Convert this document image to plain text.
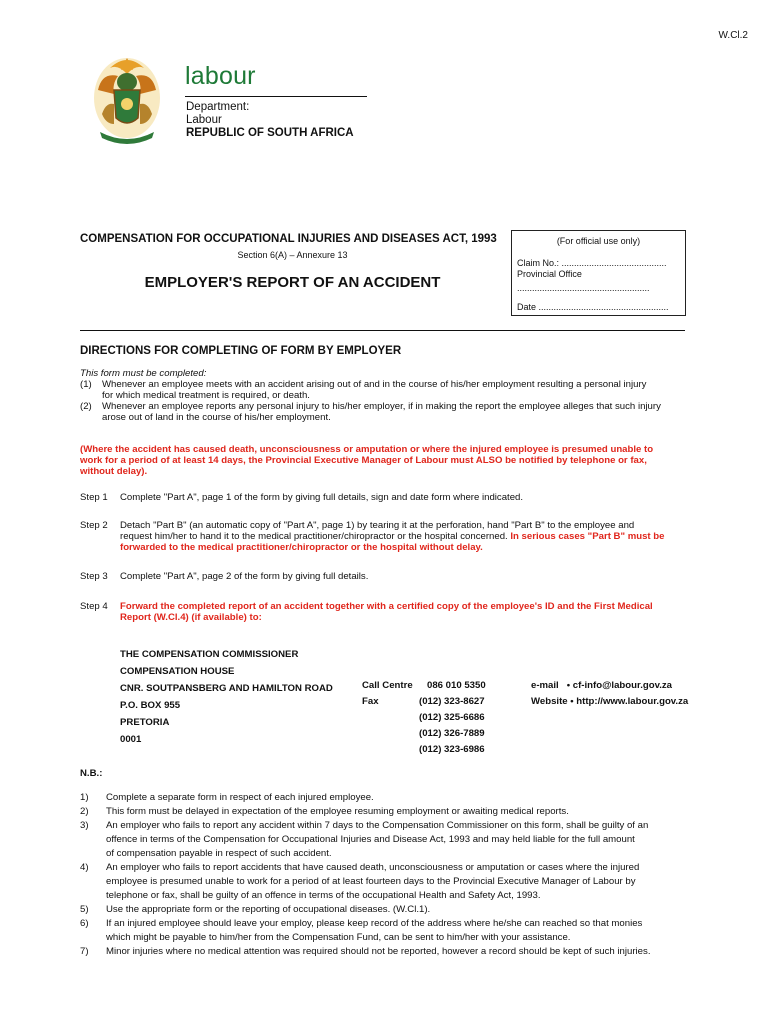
W.Cl.2
labour
Department:
Labour
REPUBLIC OF SOUTH AFRICA
COMPENSATION FOR OCCUPATIONAL INJURIES AND DISEASES ACT, 1993
Section 6(A) – Annexure 13
EMPLOYER'S REPORT OF AN ACCIDENT
(For official use only)
Claim No.: ..........................................
Provincial Office
.....................................................
Date ....................................................
DIRECTIONS FOR COMPLETING OF FORM BY EMPLOYER
This form must be completed:
(1)	Whenever an employee meets with an accident arising out of and in the course of his/her employment resulting a personal injury
for which medical treatment is required, or death.
(2)	Whenever an employee reports any personal injury to his/her employer, if in making the report the employee alleges that such injury
arose out of land in the course of his/her employment.
(Where the accident has caused death, unconsciousness or amputation or where the injured employee is presumed unable to
work for a period of at least 14 days, the Provincial Executive Manager of Labour must ALSO be notified by telephone or fax,
without delay).
Step 1 Complete "Part A", page 1 of the form by giving full details, sign and date form where indicated.
Step 2 Detach "Part B" (an automatic copy of "Part A", page 1) by tearing it at the perforation, hand "Part B" to the employee and
request him/her to hand it to the medical practitioner/chiropractor or the hospital concerned. In serious cases "Part B" must be
forwarded to the medical practitioner/chiropractor or the hospital without delay.
Step 3 Complete "Part A", page 2 of the form by giving full details.
Step 4 Forward the completed report of an accident together with a certified copy of the employee's ID and the First Medical
Report (W.Cl.4) (if available) to:
THE COMPENSATION COMMISSIONER
COMPENSATION HOUSE
CNR. SOUTPANSBERG AND HAMILTON ROAD
P.O. BOX 955
PRETORIA
0001
Call Centre
Fax
086 010 5350
(012) 323-8627
(012) 325-6686
(012) 326-7889
(012) 323-6986
e-mail • cf-info@labour.gov.za
Website • http://www.labour.gov.za
N.B.:
1) Complete a separate form in respect of each injured employee.
2) This form must be delayed in expectation of the employee resuming employment or awaiting medical reports.
3) An employer who fails to report any accident within 7 days to the Compensation Commissioner on this form, shall be guilty of an
offence in terms of the Compensation for Occupational Injuries and Disease Act, 1993 and may held liable for the full amount
of compensation payable in respect of such accident.
4) An employer who fails to report accidents that have caused death, unconsciousness or amputation or cases where the injured
employee is presumed unable to work for a period of at least fourteen days to the Provincial Executive Manager of Labour by
telephone or fax, shall be guilty of an offence in terms of the occupational Health and Safety Act, 1993.
5) Use the appropriate form or the reporting of occupational diseases. (W.Cl.1).
6) If an injured employee should leave your employ, please keep record of the address where he/she can reached so that monies
which might be payable to him/her from the Compensation Fund, can be sent to him/her with your assistance.
7) Minor injuries where no medical attention was required should not be reported, however a record should be kept of such injuries.
